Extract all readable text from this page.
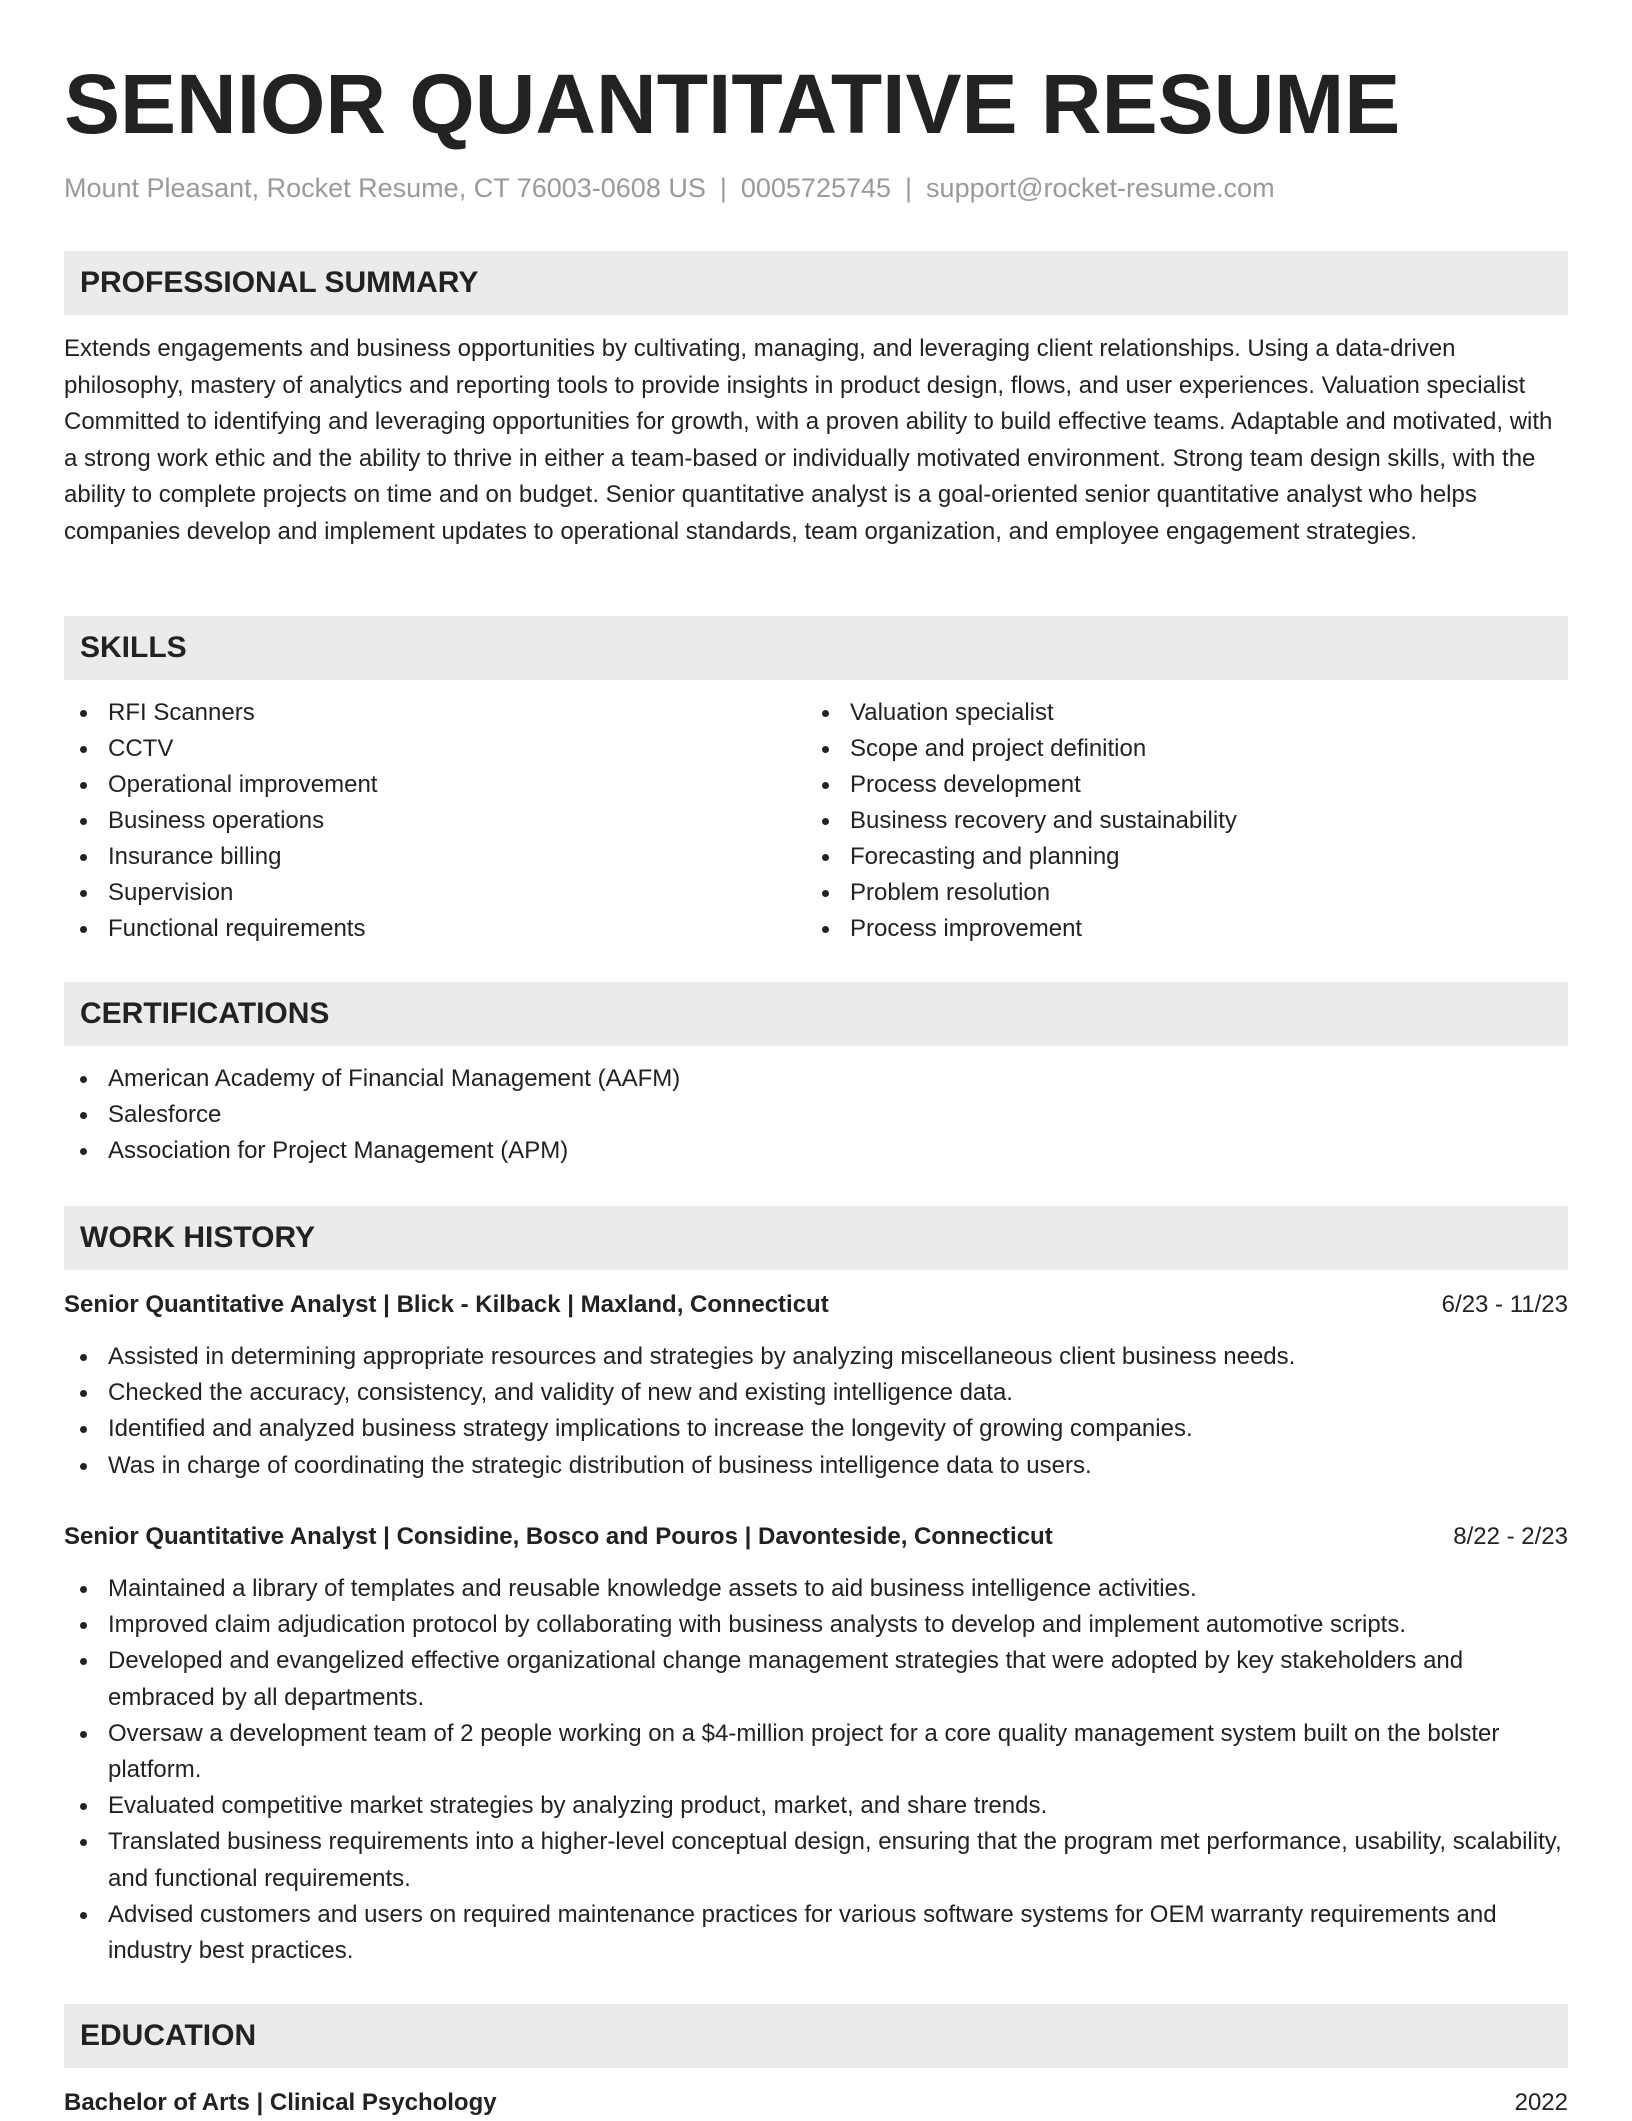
SENIOR QUANTITATIVE RESUME
Mount Pleasant, Rocket Resume, CT 76003-0608 US | 0005725745 | support@rocket-resume.com
PROFESSIONAL SUMMARY

Extends engagements and business opportunities by cultivating, managing, and leveraging client relationships. Using a data-driven philosophy, mastery of analytics and reporting tools to provide insights in product design, flows, and user experiences. Valuation specialist Committed to identifying and leveraging opportunities for growth, with a proven ability to build effective teams. Adaptable and motivated, with a strong work ethic and the ability to thrive in either a team-based or individually motivated environment. Strong team design skills, with the ability to complete projects on time and on budget. Senior quantitative analyst is a goal-oriented senior quantitative analyst who helps companies develop and implement updates to operational standards, team organization, and employee engagement strategies.

SKILLS
RFI Scanners
CCTV
Operational improvement
Business operations
Insurance billing
Supervision
Functional requirements
Valuation specialist
Scope and project definition
Process development
Business recovery and sustainability
Forecasting and planning
Problem resolution
Process improvement
CERTIFICATIONS
American Academy of Financial Management (AAFM)
Salesforce
Association for Project Management (APM)
WORK HISTORY
Senior Quantitative Analyst | Blick - Kilback | Maxland, Connecticut	6/23 - 11/23
Assisted in determining appropriate resources and strategies by analyzing miscellaneous client business needs.
Checked the accuracy, consistency, and validity of new and existing intelligence data.
Identified and analyzed business strategy implications to increase the longevity of growing companies.
Was in charge of coordinating the strategic distribution of business intelligence data to users.
Senior Quantitative Analyst | Considine, Bosco and Pouros | Davonteside, Connecticut	8/22 - 2/23
Maintained a library of templates and reusable knowledge assets to aid business intelligence activities.
Improved claim adjudication protocol by collaborating with business analysts to develop and implement automotive scripts.
Developed and evangelized effective organizational change management strategies that were adopted by key stakeholders and embraced by all departments.
Oversaw a development team of 2 people working on a $4-million project for a core quality management system built on the bolster platform.
Evaluated competitive market strategies by analyzing product, market, and share trends.
Translated business requirements into a higher-level conceptual design, ensuring that the program met performance, usability, scalability, and functional requirements.
Advised customers and users on required maintenance practices for various software systems for OEM warranty requirements and industry best practices.
EDUCATION
Bachelor of Arts | Clinical Psychology	2022
